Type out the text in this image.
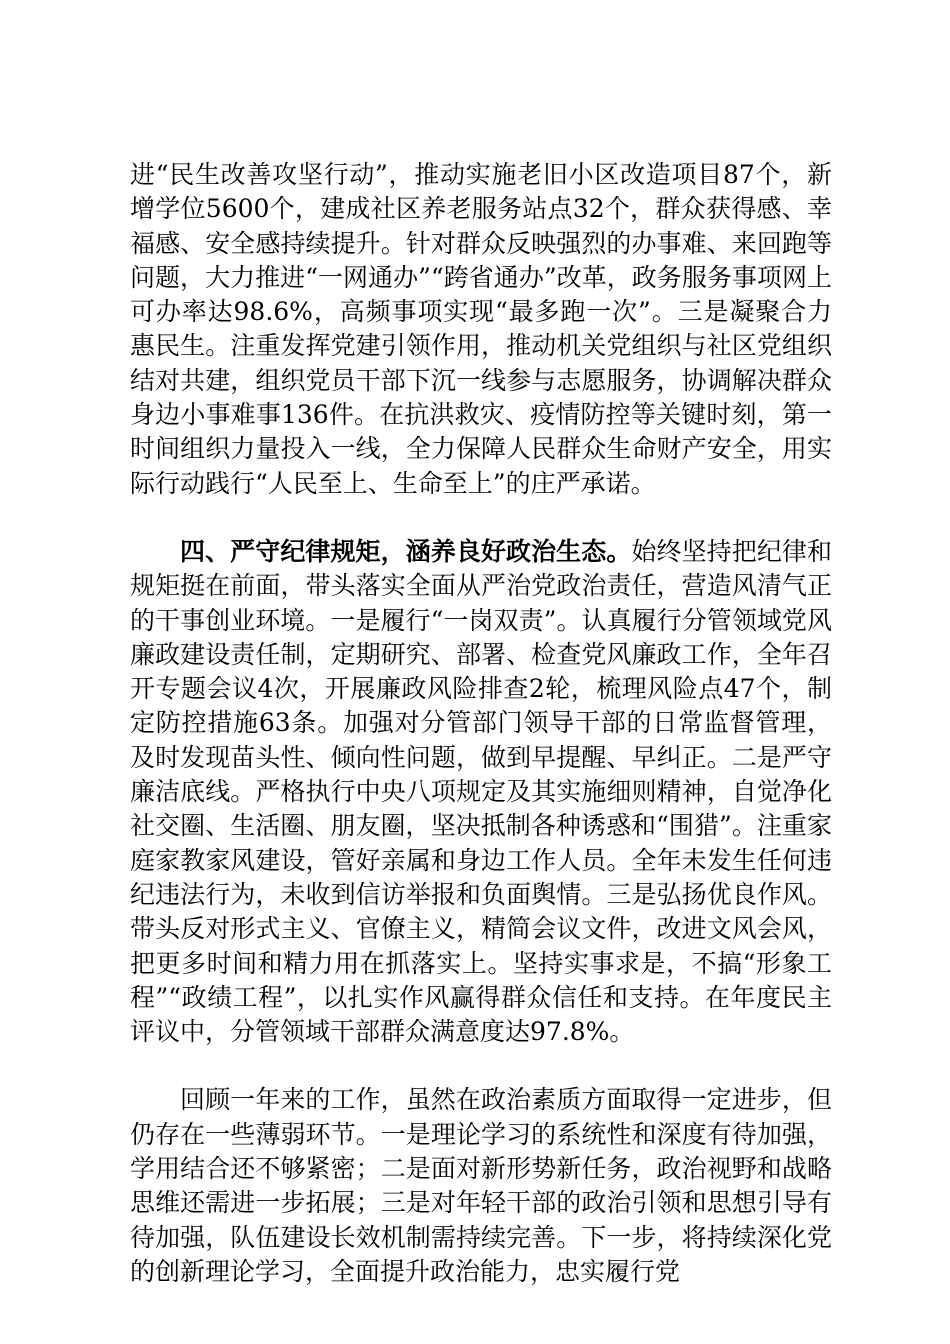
进“民生改善攻坚行动”，推动实施老旧小区改造项目87个，新增学位5600个，建成社区养老服务站点32个，群众获得感、幸福感、安全感持续提升。针对群众反映强烈的办事难、来回跑等问题，大力推进“一网通办”“跨省通办”改革，政务服务事项网上可办率达98.6%，高频事项实现“最多跑一次”。三是凝聚合力惠民生。注重发挥党建引领作用，推动机关党组织与社区党组织结对共建，组织党员干部下沉一线参与志愿服务，协调解决群众身边小事难事136件。在抗洪救灾、疫情防控等关键时刻，第一时间组织力量投入一线，全力保障人民群众生命财产安全，用实际行动践行“人民至上、生命至上”的庄严承诺。

四、严守纪律规矩，涵养良好政治生态。始终坚持把纪律和规矩挺在前面，带头落实全面从严治党政治责任，营造风清气正的干事创业环境。一是履行“一岗双责”。认真履行分管领域党风廉政建设责任制，定期研究、部署、检查党风廉政工作，全年召开专题会议4次，开展廉政风险排查2轮，梳理风险点47个，制定防控措施63条。加强对分管部门领导干部的日常监督管理，及时发现苗头性、倾向性问题，做到早提醒、早纠正。二是严守廉洁底线。严格执行中央八项规定及其实施细则精神，自觉净化社交圈、生活圈、朋友圈，坚决抵制各种诱惑和“围猎”。注重家庭家教家风建设，管好亲属和身边工作人员。全年未发生任何违纪违法行为，未收到信访举报和负面舆情。三是弘扬优良作风。带头反对形式主义、官僚主义，精简会议文件，改进文风会风，把更多时间和精力用在抓落实上。坚持实事求是，不搞“形象工程”“政绩工程”，以扎实作风赢得群众信任和支持。在年度民主评议中，分管领域干部群众满意度达97.8%。

回顾一年来的工作，虽然在政治素质方面取得一定进步，但仍存在一些薄弱环节。一是理论学习的系统性和深度有待加强，学用结合还不够紧密；二是面对新形势新任务，政治视野和战略思维还需进一步拓展；三是对年轻干部的政治引领和思想引导有待加强，队伍建设长效机制需持续完善。下一步，将持续深化党的创新理论学习，全面提升政治能力，忠实履行党
